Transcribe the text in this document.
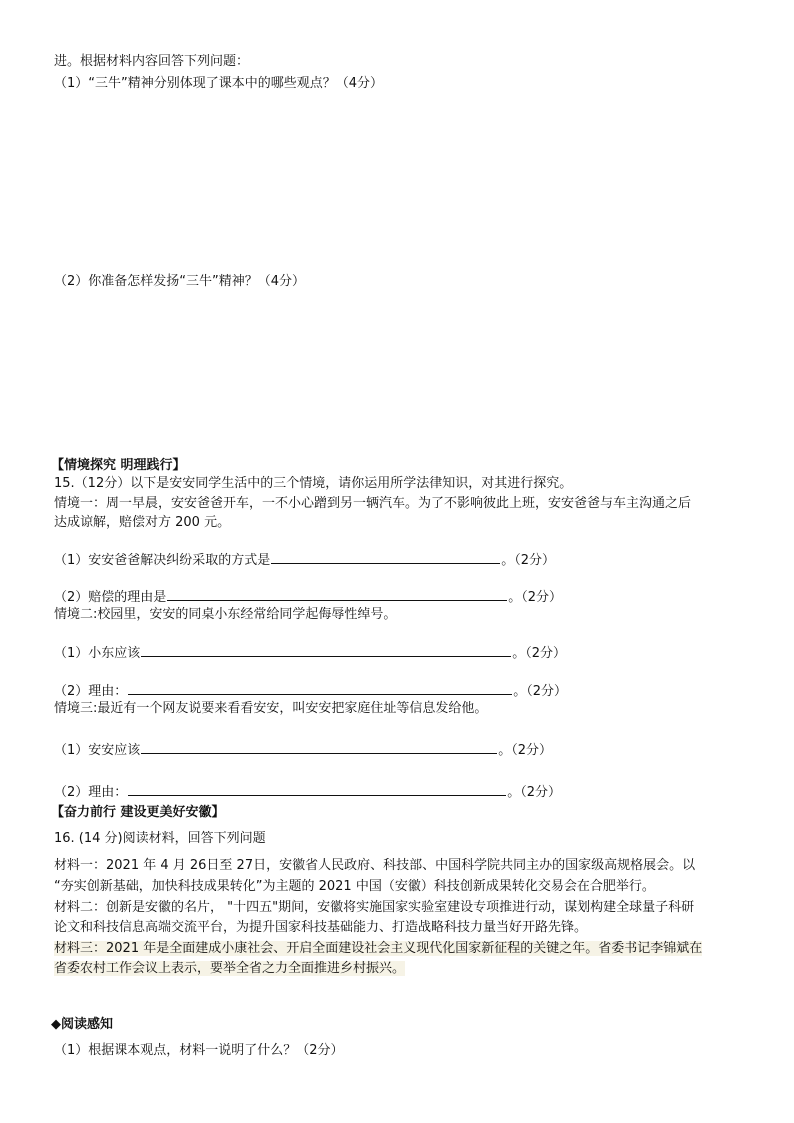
进。根据材料内容回答下列问题：
（1）“三牛”精神分别体现了课本中的哪些观点？（4分）
（2）你准备怎样发扬“三牛”精神？（4分）
【情境探究 明理践行】
15.（12分）以下是安安同学生活中的三个情境，请你运用所学法律知识，对其进行探究。
情境一：周一早晨，安安爸爸开车，一不小心蹭到另一辆汽车。为了不影响彼此上班，安安爸爸与车主沟通之后
达成谅解，赔偿对方 200 元。
（1）安安爸爸解决纠纷采取的方式是	。（2分）
（2）赔偿的理由是	。（2分）
情境二:校园里，安安的同桌小东经常给同学起侮辱性绰号。
（1）小东应该	。（2分）
（2）理由：	。（2分）
情境三:最近有一个网友说要来看看安安，叫安安把家庭住址等信息发给他。
（1）安安应该	。（2分）
（2）理由：	。（2分）
【奋力前行 建设更美好安徽】
16. (14 分)阅读材料，回答下列问题
材料一：2021 年 4 月 26日至 27日，安徽省人民政府、科技部、中国科学院共同主办的国家级高规格展会。以
“夯实创新基础，加快科技成果转化”为主题的 2021 中国（安徽）科技创新成果转化交易会在合肥举行。
材料二：创新是安徽的名片， "十四五"期间，安徽将实施国家实验室建设专项推进行动，谋划构建全球量子科研
论文和科技信息高端交流平台，为提升国家科技基础能力、打造战略科技力量当好开路先锋。
材料三：2021 年是全面建成小康社会、开启全面建设社会主义现代化国家新征程的关键之年。省委书记李锦斌在
省委农村工作会议上表示，要举全省之力全面推进乡村振兴。
◆阅读感知
（1）根据课本观点，材料一说明了什么？（2分）
